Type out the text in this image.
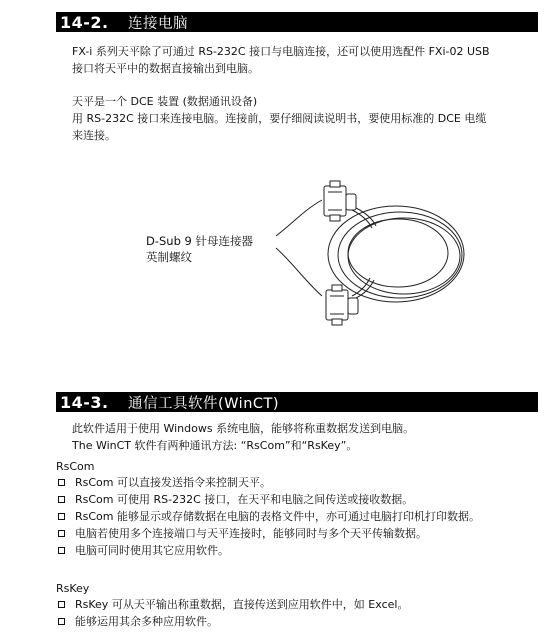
14-2.	连接电脑
FX-i 系列天平除了可通过 RS-232C 接口与电脑连接，还可以使用选配件 FXi-02 USB
接口将天平中的数据直接输出到电脑。
天平是一个 DCE 装置 (数据通讯设备)
用 RS-232C 接口来连接电脑。连接前，要仔细阅读说明书，要使用标准的 DCE 电缆
来连接。
D-Sub 9 针母连接器
英制螺纹
14-3.	通信工具软件(WinCT)
此软件适用于使用 Windows 系统电脑，能够将称重数据发送到电脑。
The WinCT 软件有两种通讯方法: “RsCom”和“RsKey”。
RsCom
RsCom 可以直接发送指令来控制天平。
RsCom 可使用 RS-232C 接口，在天平和电脑之间传送或接收数据。
RsCom 能够显示或存储数据在电脑的表格文件中，亦可通过电脑打印机打印数据。
电脑若使用多个连接端口与天平连接时，能够同时与多个天平传输数据。
电脑可同时使用其它应用软件。
RsKey
RsKey 可从天平输出称重数据，直接传送到应用软件中，如 Excel。
能够运用其余多种应用软件。
